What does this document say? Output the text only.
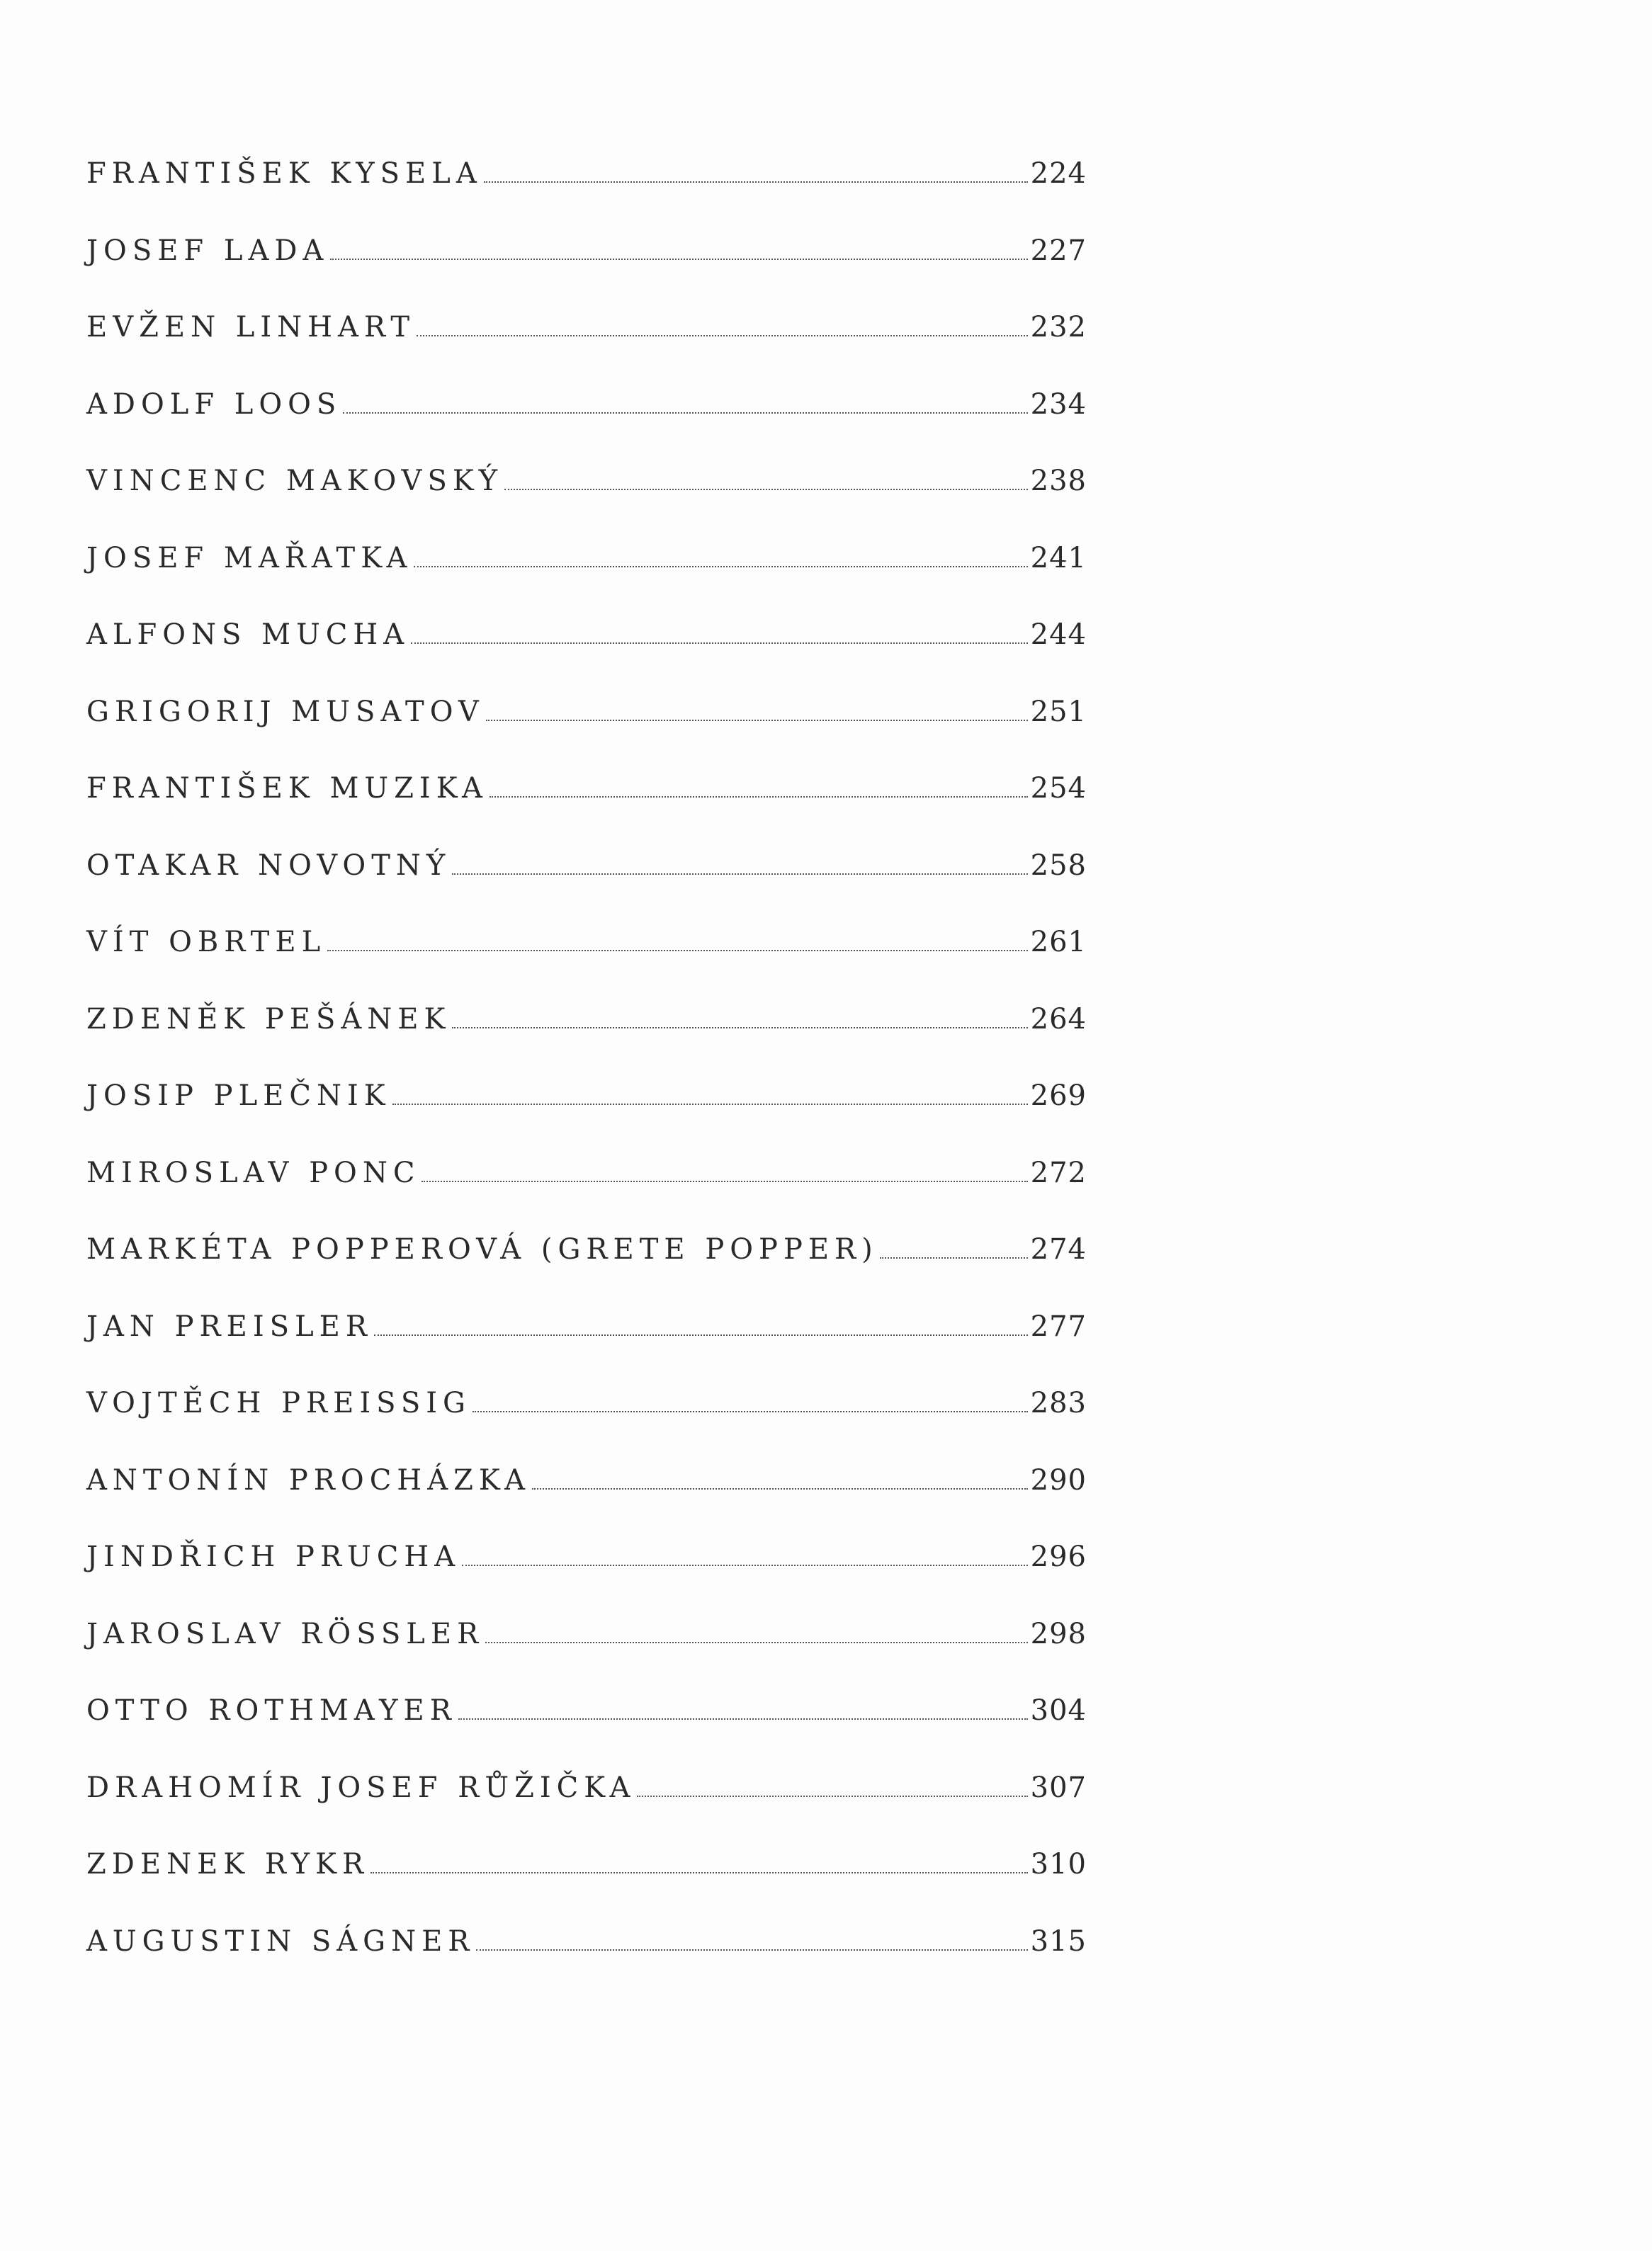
FRANTIŠEK KYSELA	224
JOSEF LADA	227
EVŽEN LINHART	232
ADOLF LOOS	234
VINCENC MAKOVSKÝ	238
JOSEF MAŘATKA	241
ALFONS MUCHA	244
GRIGORIJ MUSATOV	251
FRANTIŠEK MUZIKA	254
OTAKAR NOVOTNÝ	258
VÍT OBRTEL	261
ZDENĚK PEŠÁNEK	264
JOSIP PLEČNIK	269
MIROSLAV PONC	272
MARKÉTA POPPEROVÁ (GRETE POPPER)	274
JAN PREISLER	277
VOJTĚCH PREISSIG	283
ANTONÍN PROCHÁZKA	290
JINDŘICH PRUCHA	296
JAROSLAV RÖSSLER	298
OTTO ROTHMAYER	304
DRAHOMÍR JOSEF RŮŽIČKA	307
ZDENEK RYKR	310
AUGUSTIN SÁGNER	315
